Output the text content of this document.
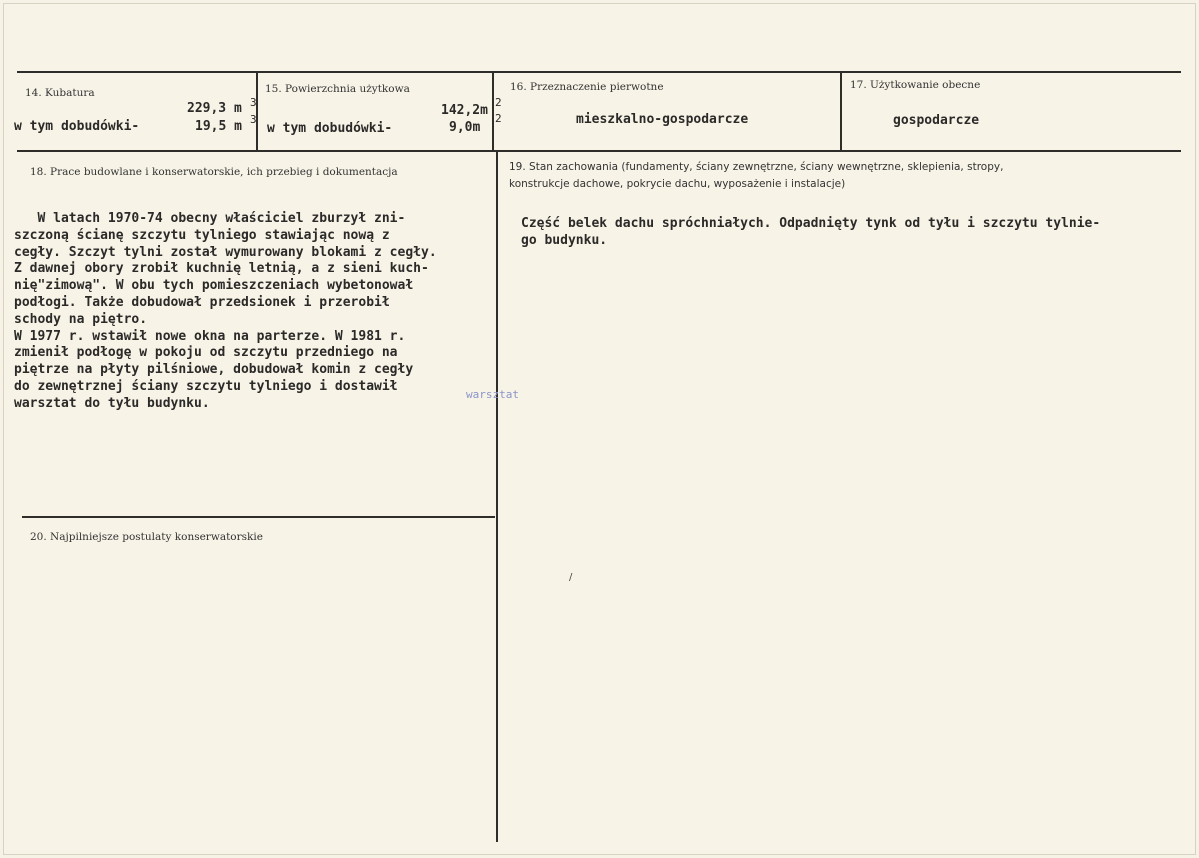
14. Kubatura
229,3 m 3
w tym dobudówki-	19,5 m 3
15. Powierzchnia użytkowa
142,2m
2
w tym dobudówki-	9,0m
2
16. Przeznaczenie pierwotne
mieszkalno-gospodarcze
17. Użytkowanie obecne
gospodarcze
18. Prace budowlane i konserwatorskie, ich przebieg i dokumentacja
W latach 1970-74 obecny właściciel zburzył zni-
szczoną ścianę szczytu tylniego stawiając nową z
cegły. Szczyt tylni został wymurowany blokami z cegły.
Z dawnej obory zrobił kuchnię letnią, a z sieni kuch-
nię"zimową". W obu tych pomieszczeniach wybetonował
podłogi. Także dobudował przedsionek i przerobił
schody na piętro.
W 1977 r. wstawił nowe okna na parterze. W 1981 r.
zmienił podłogę w pokoju od szczytu przedniego na
piętrze na płyty pilśniowe, dobudował komin z cegły
do zewnętrznej ściany szczytu tylniego i dostawił
warsztat do tyłu budynku.
warsztat
19. Stan zachowania (fundamenty, ściany zewnętrzne, ściany wewnętrzne, sklepienia, stropy,
konstrukcje dachowe, pokrycie dachu, wyposażenie i instalacje)
Część belek dachu spróchniałych. Odpadnięty tynk od tyłu i szczytu tylnie-
go budynku.
20. Najpilniejsze postulaty konserwatorskie
/
